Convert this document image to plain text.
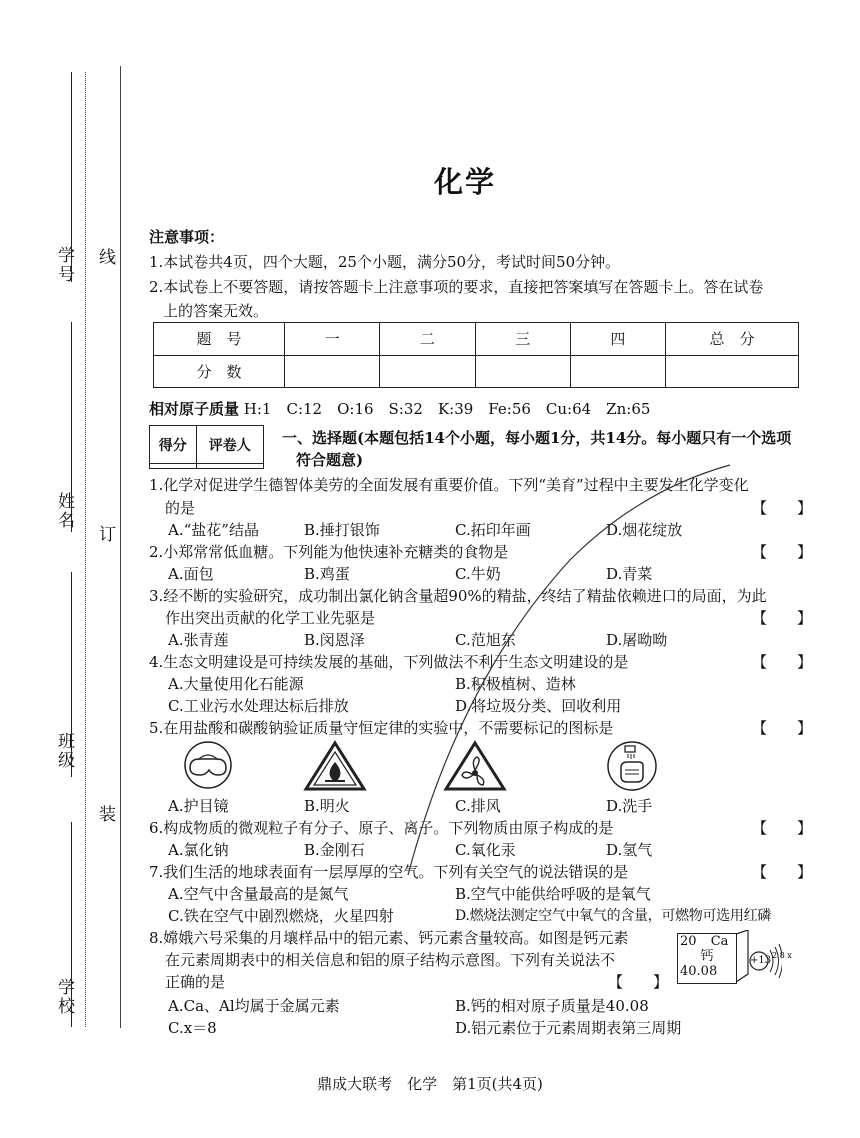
学号 线
姓名
订
班级
装
学校
化学
注意事项：
1.本试卷共4页，四个大题，25个小题，满分50分，考试时间50分钟。
2.本试卷上不要答题，请按答题卡上注意事项的要求，直接把答案填写在答题卡上。答在试卷
上的答案无效。
题　号	一	二	三	四	总　分
分　数					
相对原子质量 H:1　C:12　O:16　S:32　K:39　Fe:56　Cu:64　Zn:65
得分	评卷人
	一、选择题(本题包括14个小题，每小题1分，共14分。每小题只有一个选项
符合题意)
1.化学对促进学生德智体美劳的全面发展有重要价值。下列“美育”过程中主要发生化学变化
的是	【　　】
A.“盐花”结晶	B.捶打银饰	C.拓印年画	D.烟花绽放
2.小郑常常低血糖。下列能为他快速补充糖类的食物是	【　　】
A.面包	B.鸡蛋	C.牛奶	D.青菜
3.经不断的实验研究，成功制出氯化钠含量超90%的精盐，终结了精盐依赖进口的局面，为此
作出突出贡献的化学工业先驱是	【　　】
A.张青莲	B.闵恩泽	C.范旭东	D.屠呦呦
4.生态文明建设是可持续发展的基础，下列做法不利于生态文明建设的是	【　　】
A.大量使用化石能源	B.积极植树、造林
C.工业污水处理达标后排放	D.将垃圾分类、回收利用
5.在用盐酸和碳酸钠验证质量守恒定律的实验中，不需要标记的图标是	【　　】
A.护目镜	B.明火	C.排风	D.洗手
6.构成物质的微观粒子有分子、原子、离子。下列物质由原子构成的是	【　　】
A.氯化钠	B.金刚石	C.氧化汞	D.氢气
7.我们生活的地球表面有一层厚厚的空气。下列有关空气的说法错误的是	【　　】
A.空气中含量最高的是氮气	B.空气中能供给呼吸的是氧气
C.铁在空气中剧烈燃烧，火星四射	D.燃烧法测定空气中氧气的含量，可燃物可选用红磷
8.嫦娥六号采集的月壤样品中的铝元素、钙元素含量较高。如图是钙元素
在元素周期表中的相关信息和铝的原子结构示意图。下列有关说法不
正确的是	【　　】
20 Ca
钙
40.08
+13 2 8 x
A.Ca、Al均属于金属元素	B.钙的相对原子质量是40.08
C.x＝8	D.铝元素位于元素周期表第三周期
鼎成大联考　化学　第1页(共4页)
